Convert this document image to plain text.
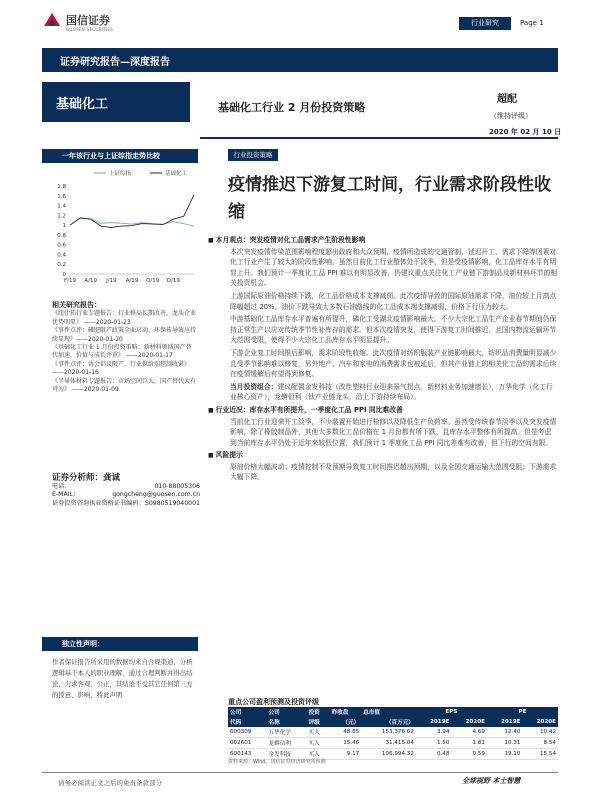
国信证券
GUOSEN SECURITIES
行业研究	Page 1
证券研究报告—深度报告
基础化工	基础化工行业 2 月份投资策略
超配
（维持评级）
2020 年 02 月 10 日
一年该行业与上证综指走势比较
0
0.2
0.4
0.6
0.8
1
1.2
1.4
1.6
1.8
F/19 A/19 J/19 A/19 O/19 D/19
上证综指	基础化工
相关研究报告：
《纽仕拓行业专题报告：行业格局长期改善，龙头企业优势明显》 ——2020-01-23
《事件点评：磷肥限产政策全面启动，环保传导效应持续显现》——2020-01-20
《基础化工行业 1 月份投资策略：新材料领域国产替代加速，价值与成长并重》 ——2020-01-17
《事件点评：协会倡议限产，行业供给端控制收紧》 ——2020-01-16
《半导体材料专题报告：市场空间巨大，国产替代大有可为》 ——2020-01-09
证券分析师：龚诚
电话：	010-88005306
E-MAIL：	gongcheng@guosen.com.cn
证券投资咨询执业资格证书编码： S0980519040001
独立性声明：
作者保证报告所采用的数据均来自合规渠道，分析逻辑基于本人的职业理解，通过合理判断并得出结论，力求客观、公正，其结论不受其它任何第三方的授意、影响，特此声明
行业投资策略
疫情推迟下游复工时间，行业需求阶段性收缩
■ 本月观点：突发疫情对化工品需求产生阶段性影响
本次突发疫情传染范围影响程度超出政府和大众预期，疫情所造成的交通管制、延迟开工、需求下降等因素对化工行业产生了较大的阶段性影响。虽然目前化工行业整体处于淡季，但是受疫情影响，化工品库存水平有明显上升。我们预计一季度化工品 PPI 难以有明显改善，仍建议重点关注化工产业链下游制品及新材料环节的相关投资机会。
上游国际原油价格持续下跌，化工品价格成本支撑减弱。此次疫情导致的国际原油需求下降，油价较上月高点降幅超过 20%。油价下跌导致大多数石油路线的化工品成本端支撑减弱，价格下行压力较大。
中游基础化工品库存水平普遍有所提升，磷化工受湖北疫情影响最大。不少大宗化工品生产企业春节期间仍保持正常生产以应对传统季节性补库存的需求。但本次疫情突发，使得下游复工时间推迟，且国内物流运输环节大范围受限，使得不少大宗化工品库存水平明显提升。
下游企业复工时间推后影响，需求阶段性收缩。此次疫情对纺织服装产业链影响最大，纺织品消费量明显减少且受季节影响难以修复，另外地产、汽车和家电的消费需求也被延后，但其产业链上的相关化工品的需求后续在疫情缓解后有望得到修复。
当月投资组合：建议配置金发科技（改性塑料行业迎来景气拐点、新材料业务加速增长），万华化学（化工行业核心资产），龙蟒佰利（钛产业链龙头，沿上下游持续布局）。
■ 行业近况：库存水平有所提升，一季度化工品 PPI 同比难改善
当前化工行业迎来开工淡季，不少装置开始进行检修以及降低生产负荷率。虽然受传统春节淡季以及突发疫情影响，除了橡胶制品外，其他大多数化工品价格在 1 月份都有所下跌，且库存水平整体有所提高。但是考虑到当前库存水平仍处于近年来较低位置，我们预计 1 季度化工品 PPI 同比差难有改善，但下行的空间有限。
■ 风险提示
原油价格大幅波动；疫情控制不及预期导致复工时间推迟超出预期，以及全国交通运输大范围受阻；下游需求大幅下降。
重点公司盈利预测及投资评级
公司	公司	投资	昨收盘	总市值	EPS		PE	
代码	名称	评级	（元）	（百万元）	2019E	2020E	2019E	2020E
600309	万华化学	买入	48.85	153,376.62	3.94	4.69	12.40	10.42
002601	龙蟒佰利	买入	15.46	31,415.04	1.50	1.81	10.31	8.54
600143	金发科技	买入	9.17	106,994.32	0.48	0.59	19.10	15.54
资料来源：Wind、国信证券经济研究所预测
请务必阅读正文之后的免责条款部分	全球视野 本土智慧
